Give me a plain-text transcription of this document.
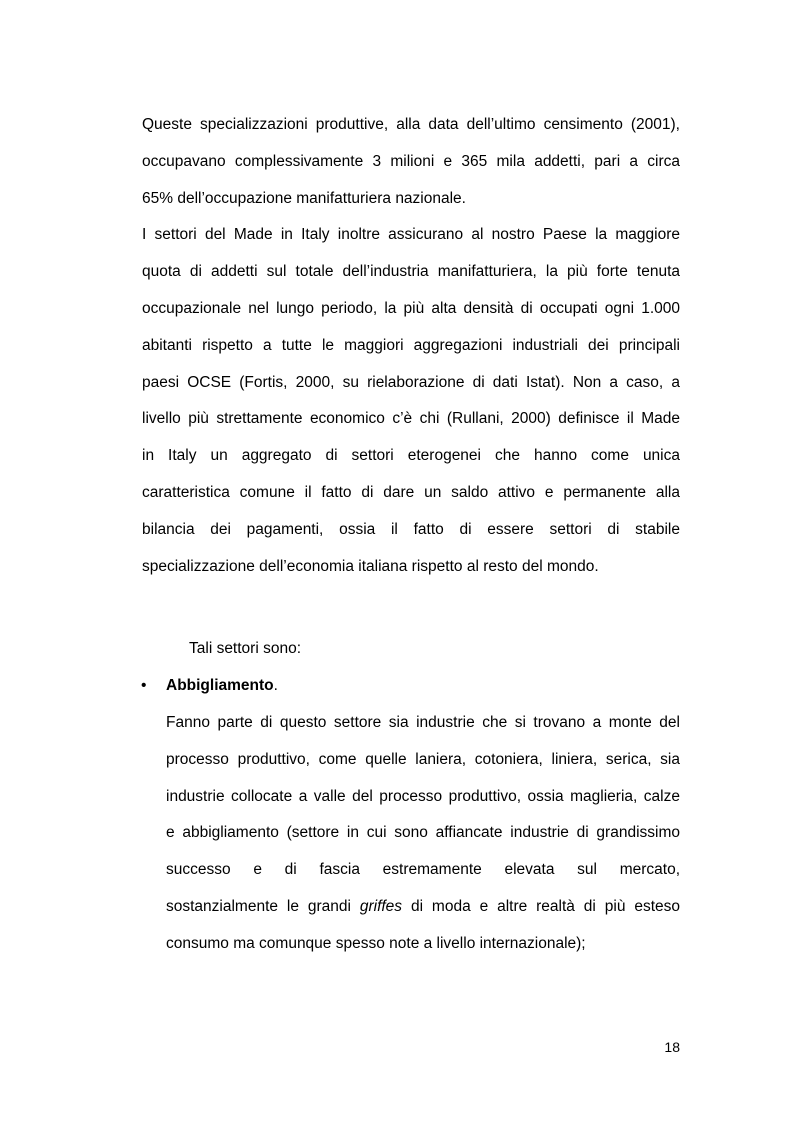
Queste specializzazioni produttive, alla data dell’ultimo censimento (2001),
occupavano complessivamente 3 milioni e 365 mila addetti, pari a circa
65% dell’occupazione manifatturiera nazionale.
I settori del Made in Italy inoltre assicurano al nostro Paese la maggiore
quota di addetti sul totale dell’industria manifatturiera, la più forte tenuta
occupazionale nel lungo periodo, la più alta densità di occupati ogni 1.000
abitanti rispetto a tutte le maggiori aggregazioni industriali dei principali
paesi OCSE (Fortis, 2000, su rielaborazione di dati Istat). Non a caso, a
livello più strettamente economico c’è chi (Rullani, 2000) definisce il Made
in Italy un aggregato di settori eterogenei che hanno come unica
caratteristica comune il fatto di dare un saldo attivo e permanente alla
bilancia dei pagamenti, ossia il fatto di essere settori di stabile
specializzazione dell’economia italiana rispetto al resto del mondo.

Tali settori sono:

• Abbigliamento.
Fanno parte di questo settore sia industrie che si trovano a monte del
processo produttivo, come quelle laniera, cotoniera, liniera, serica, sia
industrie collocate a valle del processo produttivo, ossia maglieria, calze
e abbigliamento (settore in cui sono affiancate industrie di grandissimo
successo e di fascia estremamente elevata sul mercato,
sostanzialmente le grandi griffes di moda e altre realtà di più esteso
consumo ma comunque spesso note a livello internazionale);
18
